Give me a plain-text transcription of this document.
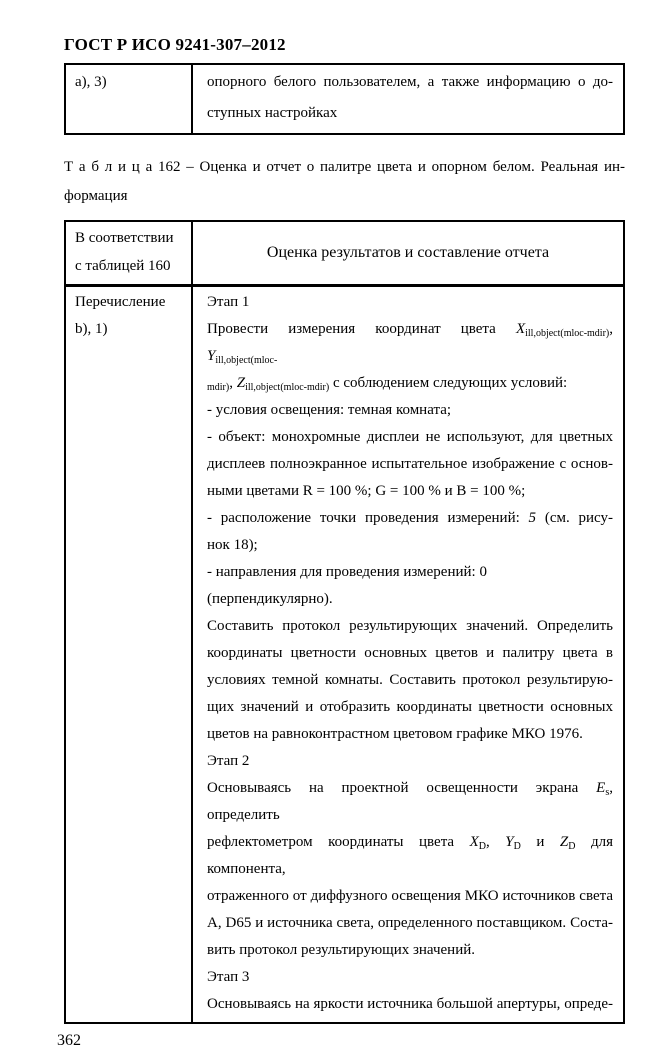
ГОСТ Р ИСО 9241-307–2012
а), 3)	опорного белого пользователем, а также информацию о до-
ступных настройках
Т а б л и ц а 162 – Оценка и отчет о палитре цвета и опорном белом. Реальная ин-
формация
В соответствии
с таблицей 160	Оценка результатов и составление отчета

Перечисление
b), 1)

Этап 1
Провести измерения координат цвета $X_{ill,object(mloc-mdir)}$, $Y_{ill,object(mloc-}$
$_{mdir)}$, $Z_{ill,object(mloc-mdir)}$ с соблюдением следующих условий:
- условия освещения: темная комната;
- объект: монохромные дисплеи не используют, для цветных
дисплеев полноэкранное испытательное изображение с основ-
ными цветами R = 100 %; G = 100 % и B = 100 %;
- расположение точки проведения измерений: 5 (см. рису-
нок 18);
- направления для проведения измерений: 0 (перпендикулярно).
Составить протокол результирующих значений. Определить
координаты цветности основных цветов и палитру цвета в
условиях темной комнаты. Составить протокол результирую-
щих значений и отобразить координаты цветности основных
цветов на равноконтрастном цветовом графике МКО 1976.
Этап 2
Основываясь на проектной освещенности экрана $E_s$, определить
рефлектометром координаты цвета $X_D$, $Y_D$ и $Z_D$ для компонента,
отраженного от диффузного освещения МКО источников света
A, D65 и источника света, определенного поставщиком. Соста-
вить протокол результирующих значений.
Этап 3
Основываясь на яркости источника большой апертуры, опреде-
362
